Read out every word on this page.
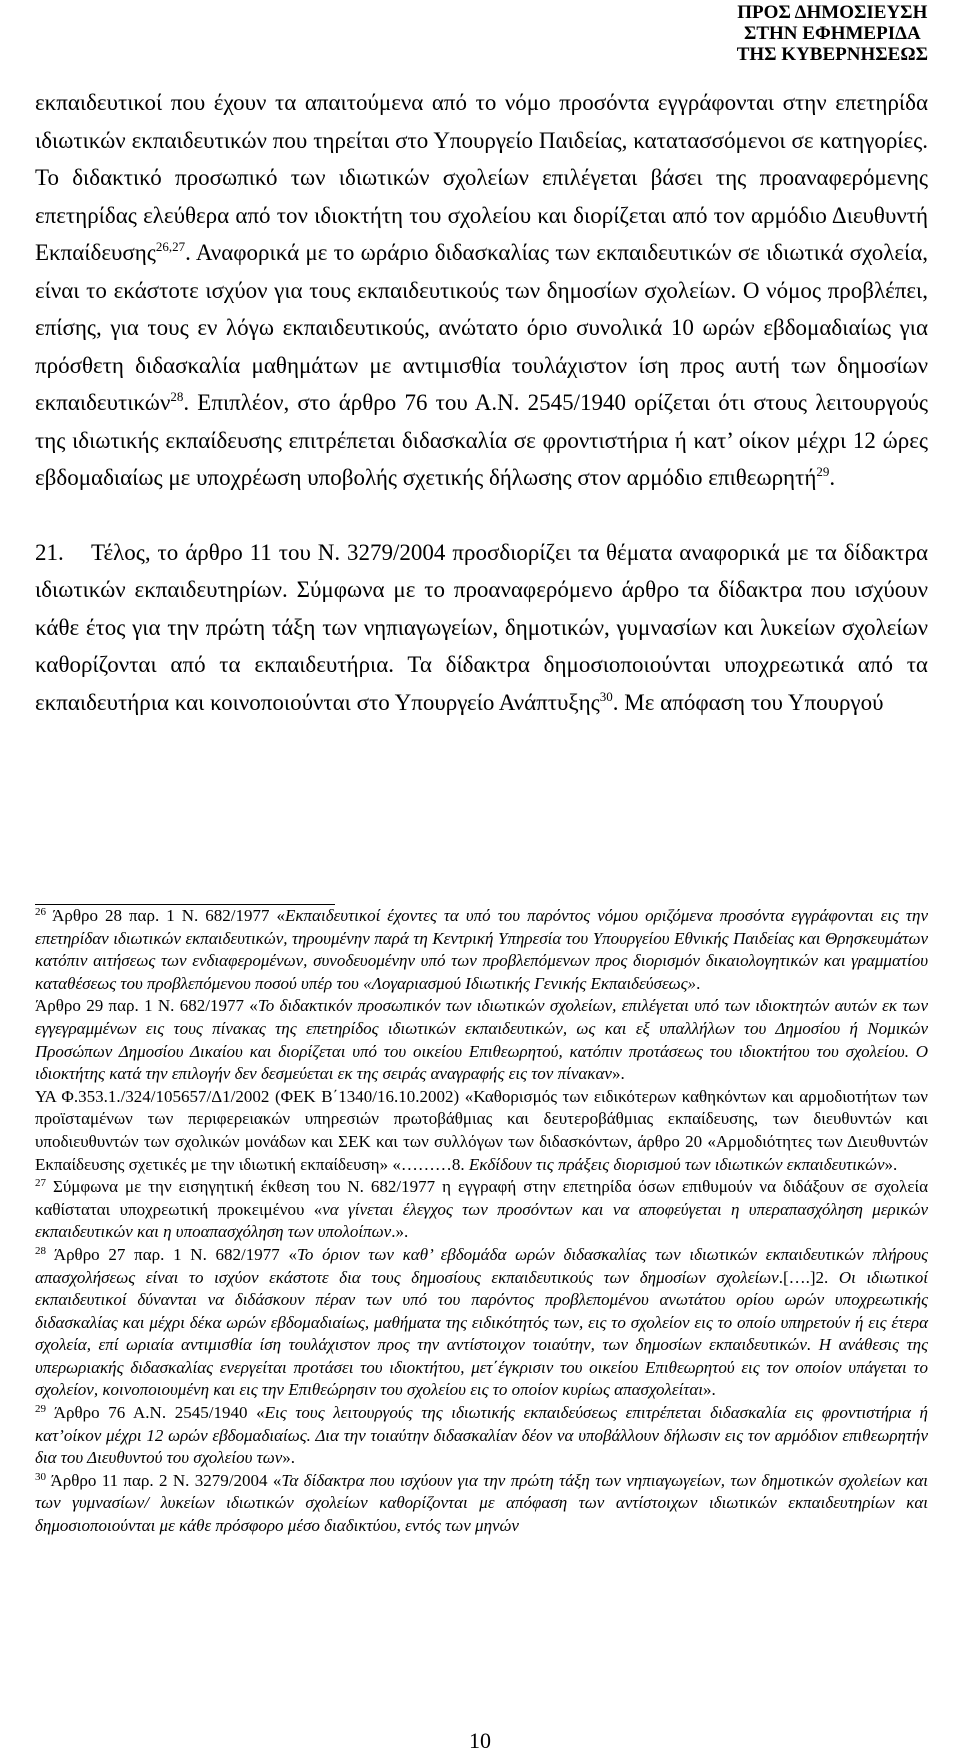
ΠΡΟΣ ΔΗΜΟΣΙΕΥΣΗ
ΣΤΗΝ ΕΦΗΜΕΡΙΔΑ
ΤΗΣ ΚΥΒΕΡΝΗΣΕΩΣ

εκπαιδευτικοί που έχουν τα απαιτούμενα από το νόμο προσόντα εγγράφονται στην επετηρίδα ιδιωτικών εκπαιδευτικών που τηρείται στο Υπουργείο Παιδείας, κατατασσόμενοι σε κατηγορίες. Το διδακτικό προσωπικό των ιδιωτικών σχολείων επιλέγεται βάσει της προαναφερόμενης επετηρίδας ελεύθερα από τον ιδιοκτήτη του σχολείου και διορίζεται από τον αρμόδιο Διευθυντή Εκπαίδευσης$^{26,27}$. Αναφορικά με το ωράριο διδασκαλίας των εκπαιδευτικών σε ιδιωτικά σχολεία, είναι το εκάστοτε ισχύον για τους εκπαιδευτικούς των δημοσίων σχολείων. Ο νόμος προβλέπει, επίσης, για τους εν λόγω εκπαιδευτικούς, ανώτατο όριο συνολικά 10 ωρών εβδομαδιαίως για πρόσθετη διδασκαλία μαθημάτων με αντιμισθία τουλάχιστον ίση προς αυτή των δημοσίων εκπαιδευτικών$^{28}$. Επιπλέον, στο άρθρο 76 του Α.Ν. 2545/1940 ορίζεται ότι στους λειτουργούς της ιδιωτικής εκπαίδευσης επιτρέπεται διδασκαλία σε φροντιστήρια ή κατ’ οίκον μέχρι 12 ώρες εβδομαδιαίως με υποχρέωση υποβολής σχετικής δήλωσης στον αρμόδιο επιθεωρητή$^{29}$.

21. Τέλος, το άρθρο 11 του Ν. 3279/2004 προσδιορίζει τα θέματα αναφορικά με τα δίδακτρα ιδιωτικών εκπαιδευτηρίων. Σύμφωνα με το προαναφερόμενο άρθρο τα δίδακτρα που ισχύουν κάθε έτος για την πρώτη τάξη των νηπιαγωγείων, δημοτικών, γυμνασίων και λυκείων σχολείων καθορίζονται από τα εκπαιδευτήρια. Τα δίδακτρα δημοσιοποιούνται υποχρεωτικά από τα εκπαιδευτήρια και κοινοποιούνται στο Υπουργείο Ανάπτυξης$^{30}$. Με απόφαση του Υπουργού

$^{26}$ Άρθρο 28 παρ. 1 Ν. 682/1977 «Εκπαιδευτικοί έχοντες τα υπό του παρόντος νόμου οριζόμενα προσόντα εγγράφονται εις την επετηρίδαν ιδιωτικών εκπαιδευτικών, τηρουμένην παρά τη Κεντρική Υπηρεσία του Υπουργείου Εθνικής Παιδείας και Θρησκευμάτων κατόπιν αιτήσεως των ενδιαφερομένων, συνοδευομένην υπό των προβλεπόμενων προς διορισμόν δικαιολογητικών και γραμματίου καταθέσεως του προβλεπόμενου ποσού υπέρ του «Λογαριασμού Ιδιωτικής Γενικής Εκπαιδεύσεως».

Άρθρο 29 παρ. 1 Ν. 682/1977 «Το διδακτικόν προσωπικόν των ιδιωτικών σχολείων, επιλέγεται υπό των ιδιοκτητών αυτών εκ των εγγεγραμμένων εις τους πίνακας της επετηρίδος ιδιωτικών εκπαιδευτικών, ως και εξ υπαλλήλων του Δημοσίου ή Νομικών Προσώπων Δημοσίου Δικαίου και διορίζεται υπό του οικείου Επιθεωρητού, κατόπιν προτάσεως του ιδιοκτήτου του σχολείου. Ο ιδιοκτήτης κατά την επιλογήν δεν δεσμεύεται εκ της σειράς αναγραφής εις τον πίνακαν».

ΥΑ Φ.353.1./324/105657/Δ1/2002 (ΦΕΚ Β΄1340/16.10.2002) «Καθορισμός των ειδικότερων καθηκόντων και αρμοδιοτήτων των προϊσταμένων των περιφερειακών υπηρεσιών πρωτοβάθμιας και δευτεροβάθμιας εκπαίδευσης, των διευθυντών και υποδιευθυντών των σχολικών μονάδων και ΣΕΚ και των συλλόγων των διδασκόντων, άρθρο 20 «Αρμοδιότητες των Διευθυντών Εκπαίδευσης σχετικές με την ιδιωτική εκπαίδευση» «………8. Εκδίδουν τις πράξεις διορισμού των ιδιωτικών εκπαιδευτικών».

$^{27}$ Σύμφωνα με την εισηγητική έκθεση του Ν. 682/1977 η εγγραφή στην επετηρίδα όσων επιθυμούν να διδάξουν σε σχολεία καθίσταται υποχρεωτική προκειμένου «να γίνεται έλεγχος των προσόντων και να αποφεύγεται η υπεραπασχόληση μερικών εκπαιδευτικών και η υποαπασχόληση των υπολοίπων.».

$^{28}$ Άρθρο 27 παρ. 1 Ν. 682/1977 «Το όριον των καθ’ εβδομάδα ωρών διδασκαλίας των ιδιωτικών εκπαιδευτικών πλήρους απασχολήσεως είναι το ισχύον εκάστοτε δια τους δημοσίους εκπαιδευτικούς των δημοσίων σχολείων.[….]2. Οι ιδιωτικοί εκπαιδευτικοί δύνανται να διδάσκουν πέραν των υπό του παρόντος προβλεπομένου ανωτάτου ορίου ωρών υποχρεωτικής διδασκαλίας και μέχρι δέκα ωρών εβδομαδιαίως, μαθήματα της ειδικότητός των, εις το σχολείον εις το οποίο υπηρετούν ή εις έτερα σχολεία, επί ωριαία αντιμισθία ίση τουλάχιστον προς την αντίστοιχον τοιαύτην, των δημοσίων εκπαιδευτικών. Η ανάθεσις της υπερωριακής διδασκαλίας ενεργείται προτάσει του ιδιοκτήτου, μετ΄έγκρισιν του οικείου Επιθεωρητού εις τον οποίον υπάγεται το σχολείον, κοινοποιουμένη και εις την Επιθεώρησιν του σχολείου εις το οποίον κυρίως απασχολείται».

$^{29}$ Άρθρο 76 Α.Ν. 2545/1940 «Εις τους λειτουργούς της ιδιωτικής εκπαιδεύσεως επιτρέπεται διδασκαλία εις φροντιστήρια ή κατ’οίκον μέχρι 12 ωρών εβδομαδιαίως. Δια την τοιαύτην διδασκαλίαν δέον να υποβάλλουν δήλωσιν εις τον αρμόδιον επιθεωρητήν δια του Διευθυντού του σχολείου των».

$^{30}$ Άρθρο 11 παρ. 2 Ν. 3279/2004 «Τα δίδακτρα που ισχύουν για την πρώτη τάξη των νηπιαγωγείων, των δημοτικών σχολείων και των γυμνασίων/ λυκείων ιδιωτικών σχολείων καθορίζονται με απόφαση των αντίστοιχων ιδιωτικών εκπαιδευτηρίων και δημοσιοποιούνται με κάθε πρόσφορο μέσο διαδικτύου, εντός των μηνών

10
